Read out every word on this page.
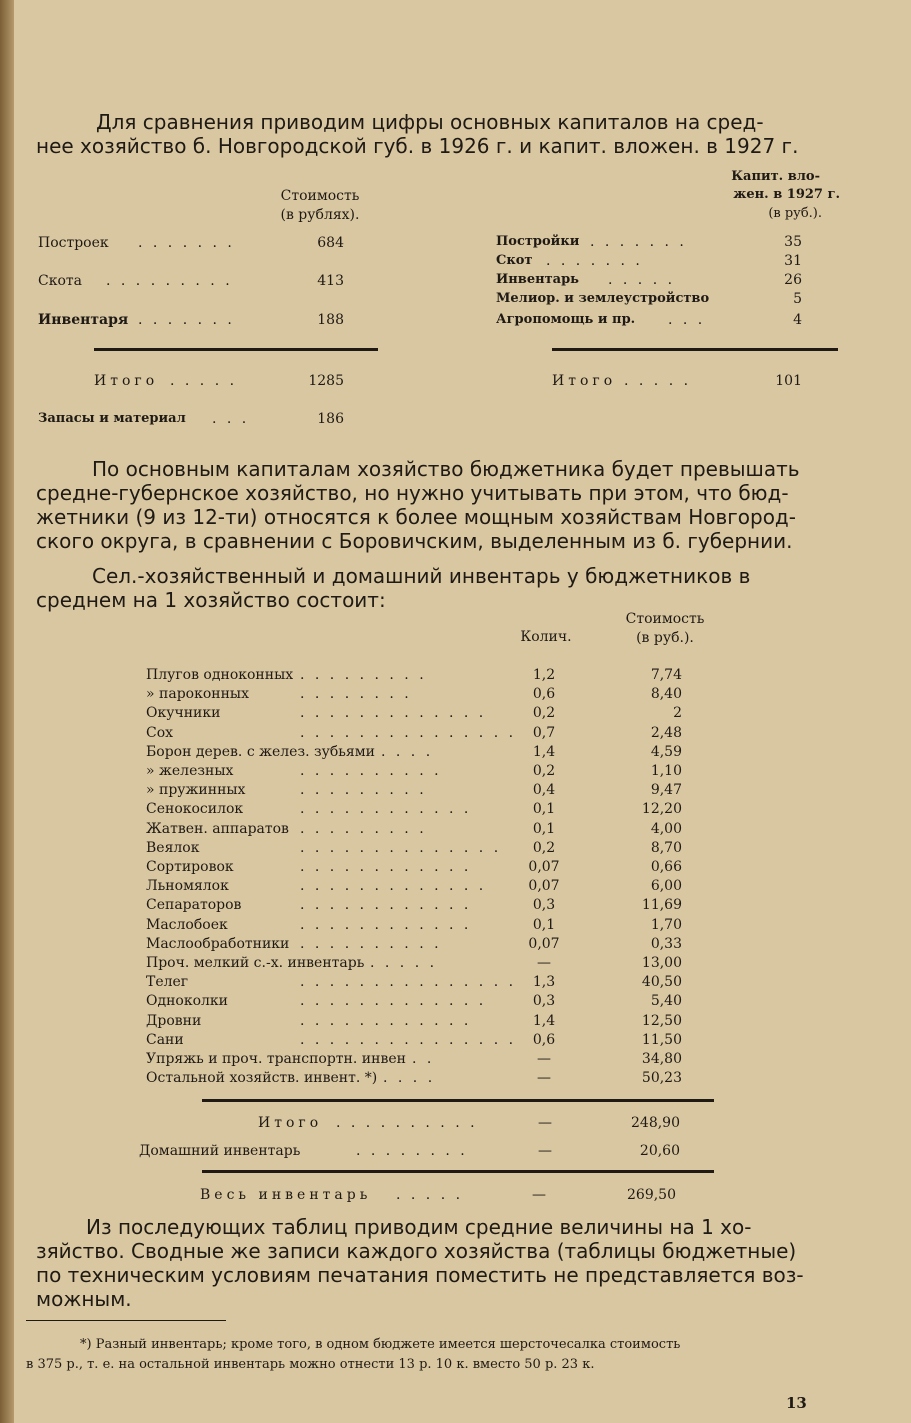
Для сравнения приводим цифры основных капиталов на сред-
нее хозяйство б. Новгородской губ. в 1926 г. и капит. вложен. в 1927 г.
Стоимость
(в рублях).
Построек . . . . . . .	684
Скота . . . . . . . . .	413
Инвентаря . . . . . . .	188
Итого . . . . .	1285
Запасы и материал . . .	186
Капит. вло-
жен. в 1927 г.
(в руб.).
Постройки . . . . . . .	35
Скот . . . . . . .	31
Инвентарь . . . . .	26
Мелиор. и землеустройство	5
Агропомощь и пр. . . .	4
Итого . . . . .	101
По основным капиталам хозяйство бюджетника будет превышать
средне-губернское хозяйство, но нужно учитывать при этом, что бюд-
жетники (9 из 12-ти) относятся к более мощным хозяйствам Новгород-
ского округа, в сравнении с Боровичским, выделенным из б. губернии.
Сел.-хозяйственный и домашний инвентарь у бюджетников в
среднем на 1 хозяйство состоит:
Колич.
Стоимость
(в руб.).
Плугов одноконных . . . . . . . . .	1,2	7,74
» пароконных	. . . . . . . .	0,6	8,40
Окучники	. . . . . . . . . . . . .	0,2	2
Сох	. . . . . . . . . . . . . . .	0,7	2,48
Борон дерев. с желез. зубьями . . . .	1,4	4,59
» железных	. . . . . . . . . .	0,2	1,10
» пружинных	. . . . . . . . .	0,4	9,47
Сенокосилок	. . . . . . . . . . . .	0,1	12,20
Жатвен. аппаратов . . . . . . . . .	0,1	4,00
Веялок	. . . . . . . . . . . . . .	0,2	8,70
Сортировок	. . . . . . . . . . . .	0,07	0,66
Льномялок	. . . . . . . . . . . . .	0,07	6,00
Сепараторов	. . . . . . . . . . . .	0,3	11,69
Маслобоек	. . . . . . . . . . . .	0,1	1,70
Маслообработники . . . . . . . . . .	0,07	0,33
Проч. мелкий с.-х. инвентарь . . . . .	—	13,00
Телег	. . . . . . . . . . . . . . .	1,3	40,50
Одноколки	. . . . . . . . . . . . .	0,3	5,40
Дровни	. . . . . . . . . . . .	1,4	12,50
Сани	. . . . . . . . . . . . . . .	0,6	11,50
Упряжь и проч. транспортн. инвен . .	—	34,80
Остальной хозяйств. инвент. *) . . . .	—	50,23
Итого . . . . . . . . . .	—	248,90
Домашний инвентарь	. . . . . . . .	—	20,60
Весь инвентарь . . . . .	—	269,50
Из последующих таблиц приводим средние величины на 1 хо-
зяйство. Сводные же записи каждого хозяйства (таблицы бюджетные)
по техническим условиям печатания поместить не представляется воз-
можным.
*) Разный инвентарь; кроме того, в одном бюджете имеется шерсточесалка стоимость
в 375 р., т. е. на остальной инвентарь можно отнести 13 р. 10 к. вместо 50 р. 23 к.
13
